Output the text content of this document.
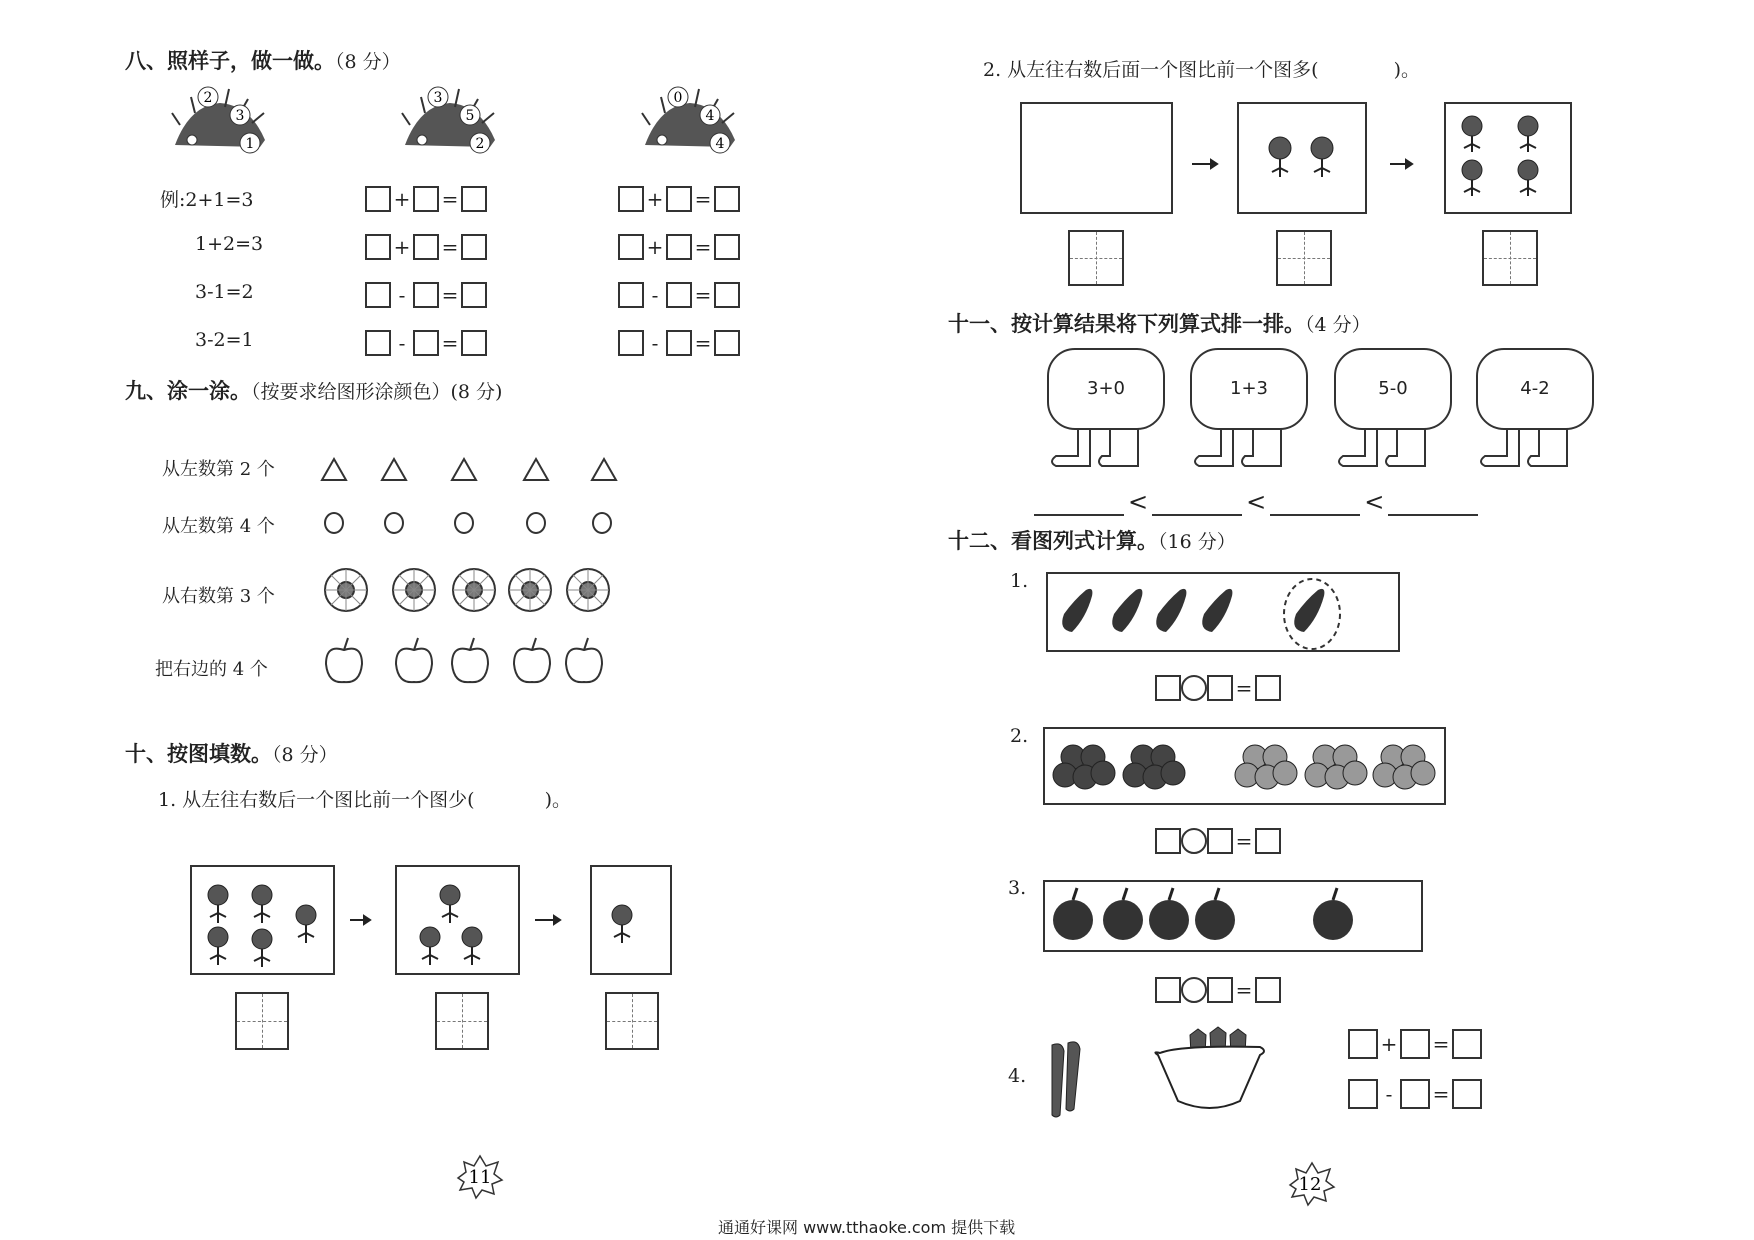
八、照样子，做一做。（8 分）
2
3
1
3
5
2
0
4
4
例:2+1=3
1+2=3
3-1=2
3-2=1
+ =
+ =
- =
- =
+ =
+ =
- =
- =
九、涂一涂。（按要求给图形涂颜色）(8 分)
从左数第 2 个
从左数第 4 个
从右数第 3 个
把右边的 4 个
十、按图填数。（8 分）
1. 从左往右数后一个图比前一个图少(	)。
11
2. 从左往右数后面一个图比前一个图多(	)。
十一、按计算结果将下列算式排一排。（4 分）
3+0	1+3	5-0	4-2
<	<	<
十二、看图列式计算。（16 分）
1.
=
2.
=
3.
=
4.
+ =
- =
12
通通好课网 www.tthaoke.com 提供下载
